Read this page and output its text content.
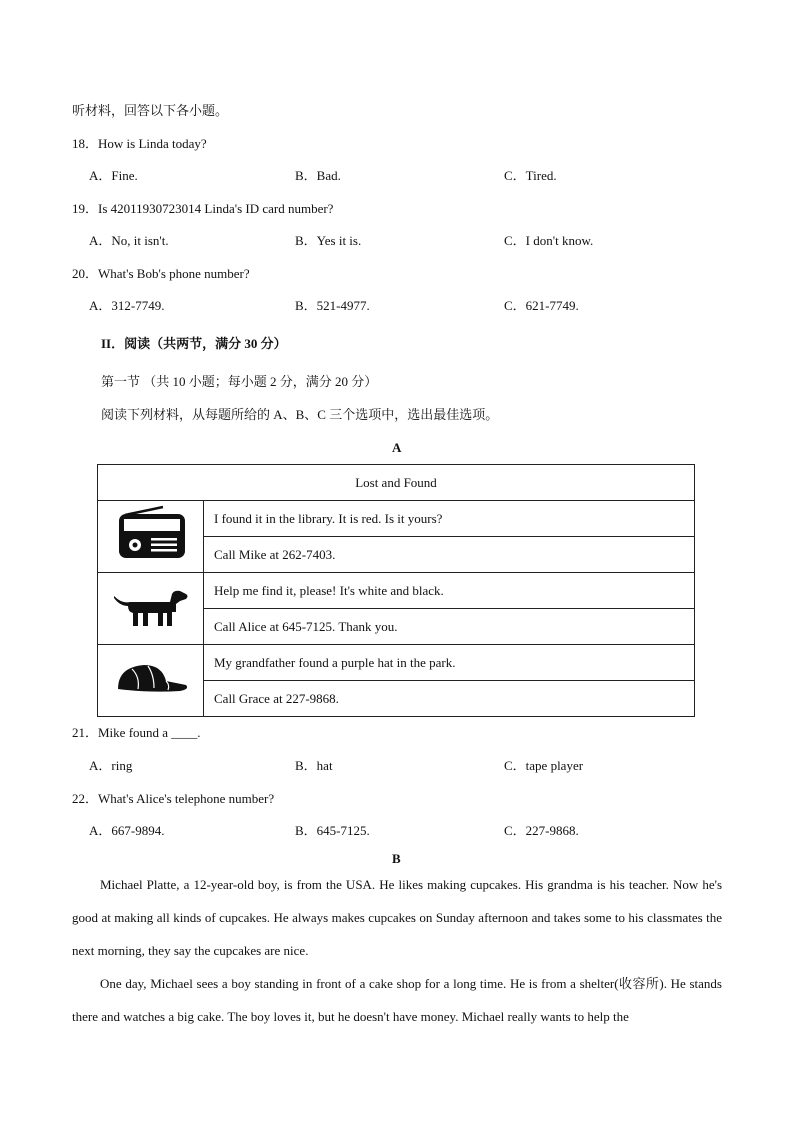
听材料，回答以下各小题。
18．How is Linda today?
A．Fine.	B．Bad.	C．Tired.
19．Is 42011930723014 Linda's ID card number?
A．No, it isn't.	B．Yes it is.	C．I don't know.
20．What's Bob's phone number?
A．312-7749.	B．521-4977.	C．621-7749.
II．阅读（共两节，满分 30 分）
第一节 （共 10 小题；每小题 2 分，满分 20 分）
阅读下列材料，从每题所给的 A、B、C 三个选项中，选出最佳选项。
A
Lost and Found	
	I found it in the library. It is red. Is it yours?
	Call Mike at 262-7403.
	Help me find it, please! It's white and black.
	Call Alice at 645-7125. Thank you.
	My grandfather found a purple hat in the park.
	Call Grace at 227-9868.
21．Mike found a ____.
A．ring	B．hat	C．tape player
22．What's Alice's telephone number?
A．667-9894.	B．645-7125.	C．227-9868.
B

Michael Platte, a 12-year-old boy, is from the USA. He likes making cupcakes. His grandma is his teacher. Now he's good at making all kinds of cupcakes. He always makes cupcakes on Sunday afternoon and takes some to his classmates the next morning, they say the cupcakes are nice.

One day, Michael sees a boy standing in front of a cake shop for a long time. He is from a shelter(收容所). He stands there and watches a big cake. The boy loves it, but he doesn't have money. Michael really wants to help the
